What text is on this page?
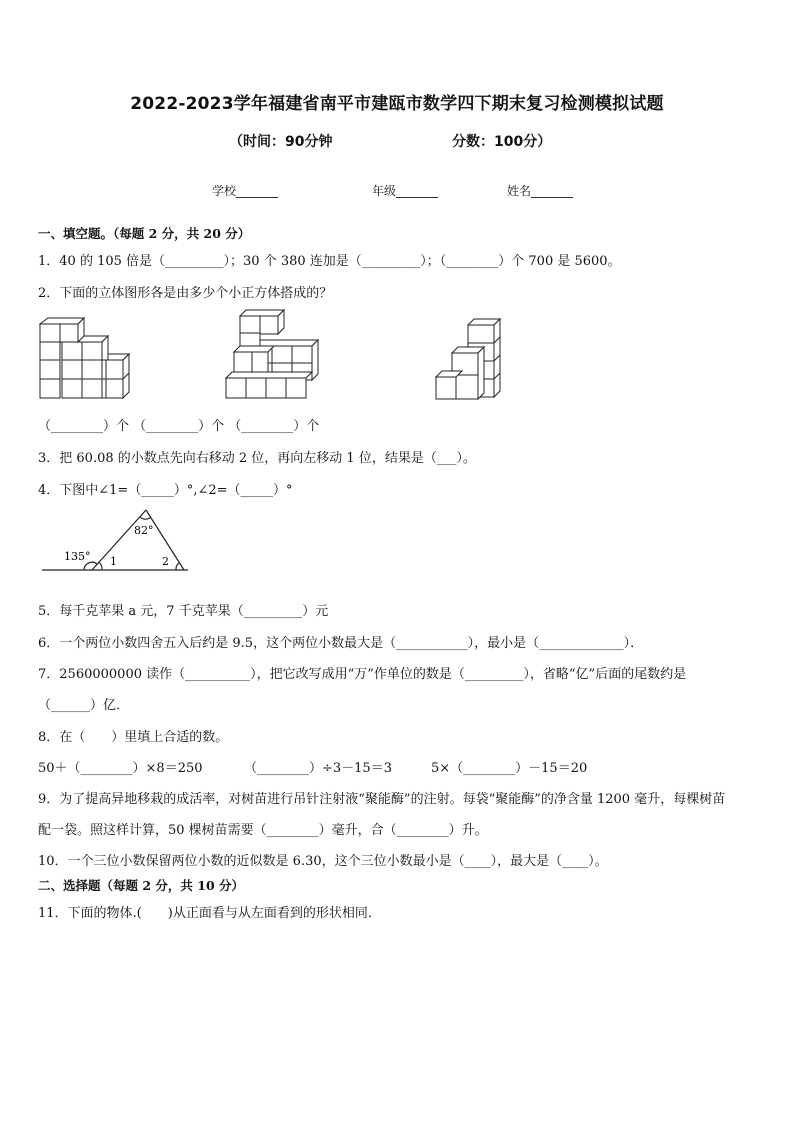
2022-2023学年福建省南平市建瓯市数学四下期末复习检测模拟试题
（时间：90分钟	分数：100分）
学校_______	年级_______	姓名_______
一、填空题。（每题 2 分，共 20 分）
1．40 的 105 倍是（_________）；30 个 380 连加是（_________）；（________）个 700 是 5600。
2．下面的立体图形各是由多少个小正方体搭成的？
（________）个 （________）个 （________）个
3．把 60.08 的小数点先向右移动 2 位，再向左移动 1 位，结果是（___）。
4．下图中∠1=（_____）°,∠2=（_____）°
82°
135° 1	2
5．每千克苹果 a 元，7 千克苹果（_________）元
6．一个两位小数四舍五入后约是 9.5，这个两位小数最大是（___________），最小是（_____________）．
7．2560000000 读作（__________），把它改写成用“万”作单位的数是（_________），省略“亿”后面的尾数约是
（______）亿．
8．在（　　）里填上合适的数。
50＋（________）×8＝250	（________）÷3－15＝3	5×（________）－15＝20
9．为了提高异地移栽的成活率，对树苗进行吊针注射液“聚能酶”的注射。每袋“聚能酶”的净含量 1200 毫升，每棵树苗
配一袋。照这样计算，50 棵树苗需要（________）毫升，合（________）升。
10．一个三位小数保留两位小数的近似数是 6.30，这个三位小数最小是（____），最大是（____）。
二、选择题（每题 2 分，共 10 分）
11．下面的物体.(　　)从正面看与从左面看到的形状相同．
